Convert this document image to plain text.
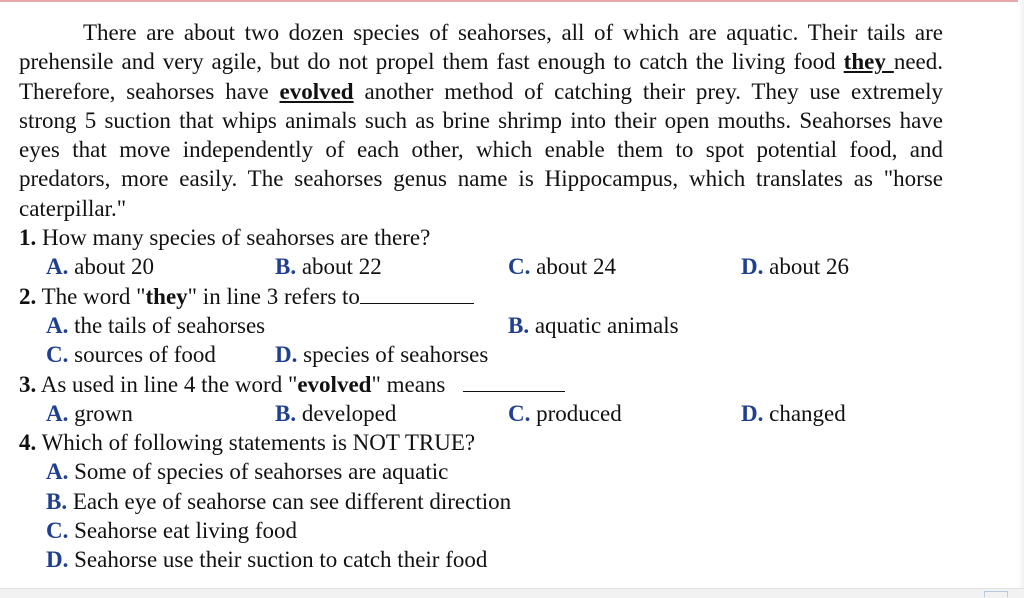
There are about two dozen species of seahorses, all of which are aquatic. Their tails are prehensile and very agile, but do not propel them fast enough to catch the living food they need. Therefore, seahorses have evolved another method of catching their prey. They use extremely strong 5 suction that whips animals such as brine shrimp into their open mouths. Seahorses have eyes that move independently of each other, which enable them to spot potential food, and predators, more easily. The seahorses genus name is Hippocampus, which translates as "horse caterpillar."

1. How many species of seahorses are there?

A. about 20	B. about 22	C. about 24	D. about 26

2. The word "they" in line 3 refers to

A. the tails of seahorses	B. aquatic animals
C. sources of food	D. species of seahorses

3. As used in line 4 the word "evolved" means

A. grown	B. developed	C. produced	D. changed

4. Which of following statements is NOT TRUE?

A. Some of species of seahorses are aquatic

B. Each eye of seahorse can see different direction

C. Seahorse eat living food

D. Seahorse use their suction to catch their food
